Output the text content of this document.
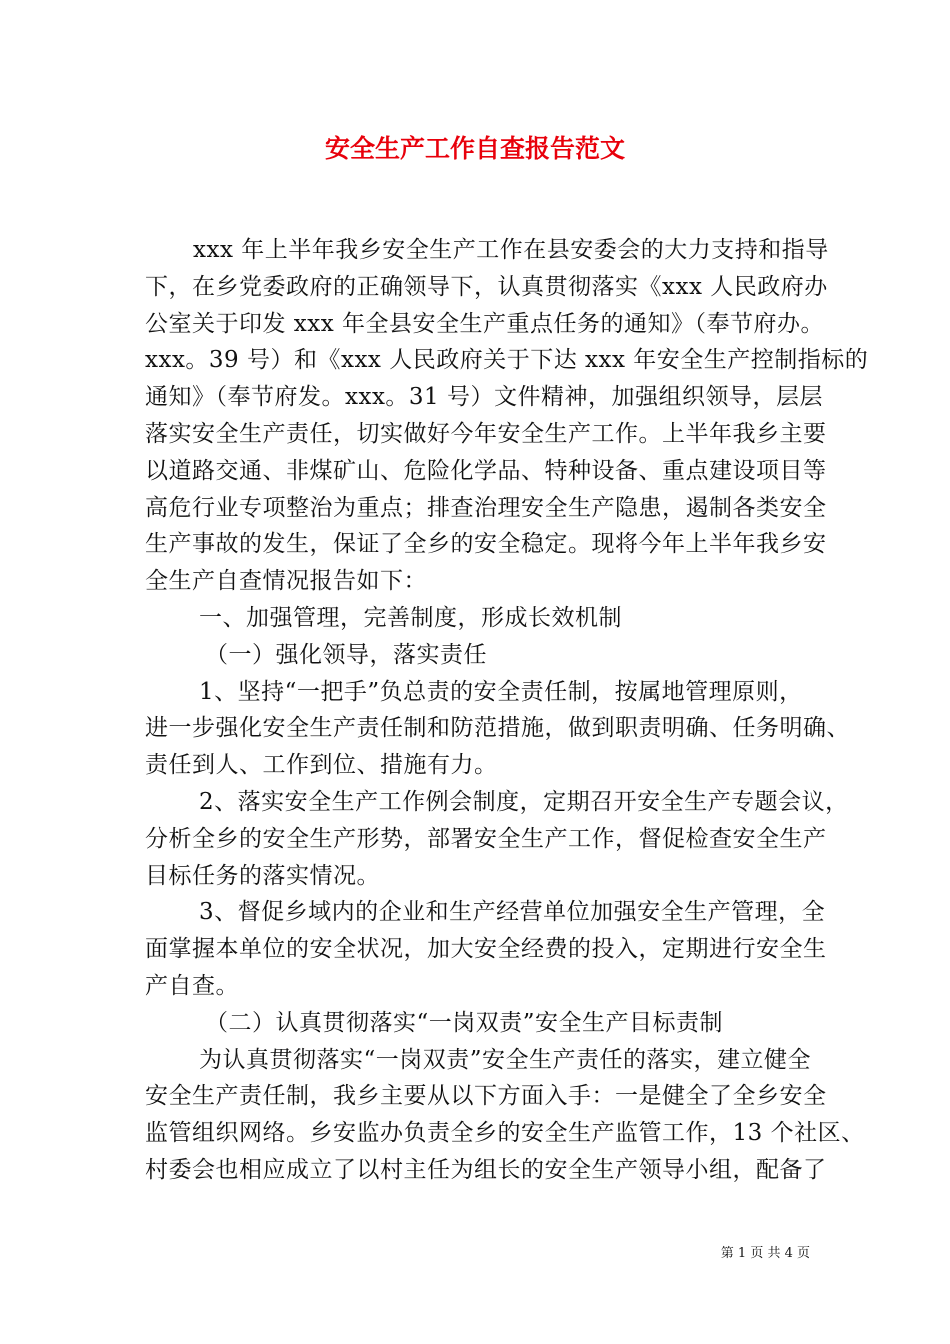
安全生产工作自查报告范文
xxx 年上半年我乡安全生产工作在县安委会的大力支持和指导
下，在乡党委政府的正确领导下，认真贯彻落实《xxx 人民政府办
公室关于印发 xxx 年全县安全生产重点任务的通知》（奉节府办。
xxx。39 号）和《xxx 人民政府关于下达 xxx 年安全生产控制指标的
通知》（奉节府发。xxx。31 号）文件精神，加强组织领导，层层
落实安全生产责任，切实做好今年安全生产工作。上半年我乡主要
以道路交通、非煤矿山、危险化学品、特种设备、重点建设项目等
高危行业专项整治为重点；排查治理安全生产隐患，遏制各类安全
生产事故的发生，保证了全乡的安全稳定。现将今年上半年我乡安
全生产自查情况报告如下：
一、加强管理，完善制度，形成长效机制
（一）强化领导，落实责任
1、坚持“一把手”负总责的安全责任制，按属地管理原则，
进一步强化安全生产责任制和防范措施，做到职责明确、任务明确、
责任到人、工作到位、措施有力。
2、落实安全生产工作例会制度，定期召开安全生产专题会议，
分析全乡的安全生产形势，部署安全生产工作，督促检查安全生产
目标任务的落实情况。
3、督促乡域内的企业和生产经营单位加强安全生产管理，全
面掌握本单位的安全状况，加大安全经费的投入，定期进行安全生
产自查。
（二）认真贯彻落实“一岗双责”安全生产目标责制
为认真贯彻落实“一岗双责”安全生产责任的落实，建立健全
安全生产责任制，我乡主要从以下方面入手：一是健全了全乡安全
监管组织网络。乡安监办负责全乡的安全生产监管工作，13 个社区、
村委会也相应成立了以村主任为组长的安全生产领导小组，配备了
第 1 页 共 4 页
